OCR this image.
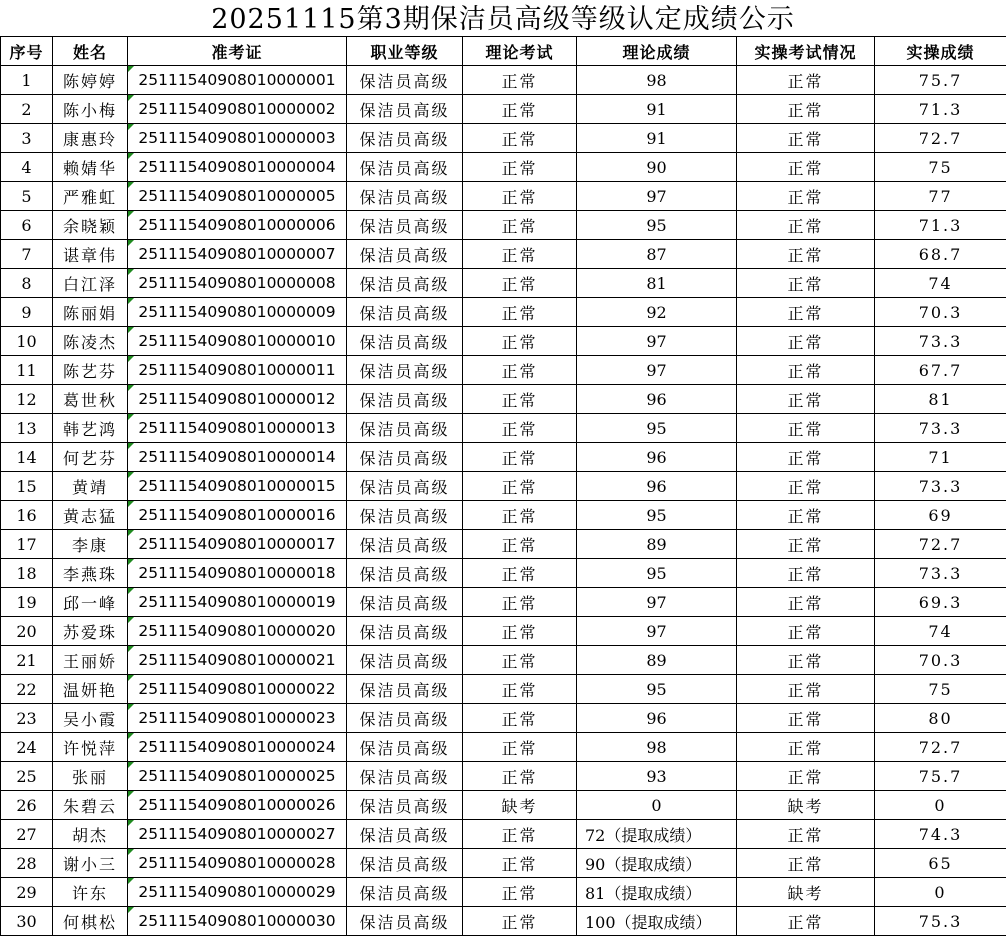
20251115第3期保洁员高级等级认定成绩公示
序号	姓名	准考证	职业等级	理论考试	理论成绩	实操考试情况	实操成绩
1	陈婷婷	25111540908010000001	保洁员高级	正常	98	正常	75.7
2	陈小梅	25111540908010000002	保洁员高级	正常	91	正常	71.3
3	康惠玲	25111540908010000003	保洁员高级	正常	91	正常	72.7
4	赖婧华	25111540908010000004	保洁员高级	正常	90	正常	75
5	严雅虹	25111540908010000005	保洁员高级	正常	97	正常	77
6	余晓颖	25111540908010000006	保洁员高级	正常	95	正常	71.3
7	谌章伟	25111540908010000007	保洁员高级	正常	87	正常	68.7
8	白江泽	25111540908010000008	保洁员高级	正常	81	正常	74
9	陈丽娟	25111540908010000009	保洁员高级	正常	92	正常	70.3
10	陈凌杰	25111540908010000010	保洁员高级	正常	97	正常	73.3
11	陈艺芬	25111540908010000011	保洁员高级	正常	97	正常	67.7
12	葛世秋	25111540908010000012	保洁员高级	正常	96	正常	81
13	韩艺鸿	25111540908010000013	保洁员高级	正常	95	正常	73.3
14	何艺芬	25111540908010000014	保洁员高级	正常	96	正常	71
15	黄靖	25111540908010000015	保洁员高级	正常	96	正常	73.3
16	黄志猛	25111540908010000016	保洁员高级	正常	95	正常	69
17	李康	25111540908010000017	保洁员高级	正常	89	正常	72.7
18	李燕珠	25111540908010000018	保洁员高级	正常	95	正常	73.3
19	邱一峰	25111540908010000019	保洁员高级	正常	97	正常	69.3
20	苏爱珠	25111540908010000020	保洁员高级	正常	97	正常	74
21	王丽娇	25111540908010000021	保洁员高级	正常	89	正常	70.3
22	温妍艳	25111540908010000022	保洁员高级	正常	95	正常	75
23	吴小霞	25111540908010000023	保洁员高级	正常	96	正常	80
24	许悦萍	25111540908010000024	保洁员高级	正常	98	正常	72.7
25	张丽	25111540908010000025	保洁员高级	正常	93	正常	75.7
26	朱碧云	25111540908010000026	保洁员高级	缺考	0	缺考	0
27	胡杰	25111540908010000027	保洁员高级	正常	72（提取成绩）	正常	74.3
28	谢小三	25111540908010000028	保洁员高级	正常	90（提取成绩）	正常	65
29	许东	25111540908010000029	保洁员高级	正常	81（提取成绩）	缺考	0
30	何棋松	25111540908010000030	保洁员高级	正常	100（提取成绩）	正常	75.3
